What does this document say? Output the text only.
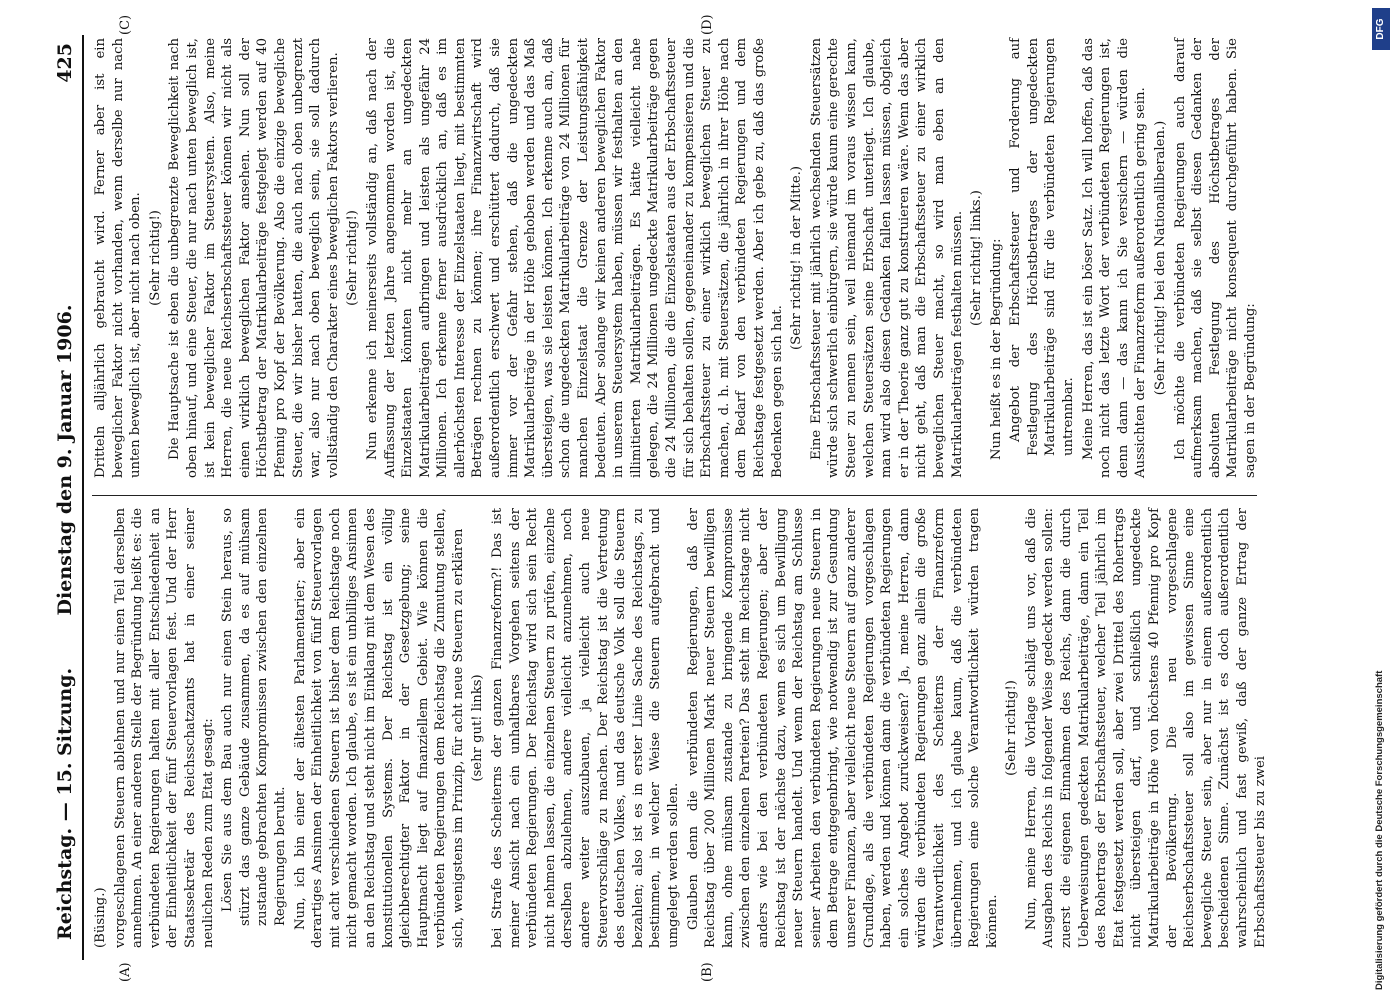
DFG
Digitalisierung gefördert durch die Deutsche Forschungsgemeinschaft
Reichstag. — 15. Sitzung.
Dienstag den 9. Januar 1906.
425
(A)	(B)
(C)	(D)

(Büsing.) vorgeschlagenen Steuern ablehnen und nur einen Teil derselben annehmen. An einer anderen Stelle der Begründung heißt es: die verbündeten Regierungen halten mit aller Entschiedenheit an der Einheitlichkeit der fünf Steuervorlagen fest. Und der Herr Staatssekretär des Reichsschatzamts hat in einer seiner neulichen Reden zum Etat gesagt: Lösen Sie aus dem Bau auch nur einen Stein heraus, so stürzt das ganze Gebäude zusammen, da es auf mühsam zustande gebrachten Kompromissen zwischen den einzelnen Regierungen beruht. Nun, ich bin einer der ältesten Parlamentarier; aber ein derartiges Ansinnen der Einheitlichkeit von fünf Steuervorlagen mit acht verschiedenen Steuern ist bisher dem Reichstage noch nicht gemacht worden. Ich glaube, es ist ein unbilliges Ansinnen an den Reichstag und steht nicht im Einklang mit dem Wesen des konstitutionellen Systems. Der Reichstag ist ein völlig gleichberechtigter Faktor in der Gesetzgebung; seine Hauptmacht liegt auf finanziellem Gebiet. Wie können die verbündeten Regierungen dem Reichstag die Zumutung stellen, sich, wenigstens im Prinzip, für acht neue Steuern zu erklären (sehr gut! links) bei Strafe des Scheiterns der ganzen Finanzreform?! Das ist meiner Ansicht nach ein unhaltbares Vorgehen seitens der verbündeten Regierungen. Der Reichstag wird sich sein Recht nicht nehmen lassen, die einzelnen Steuern zu prüfen, einzelne derselben abzulehnen, andere vielleicht anzunehmen, noch andere weiter auszubauen, ja vielleicht auch neue Steuervorschläge zu machen. Der Reichstag ist die Vertretung des deutschen Volkes, und das deutsche Volk soll die Steuern bezahlen; also ist es in erster Linie Sache des Reichstags, zu bestimmen, in welcher Weise die Steuern aufgebracht und umgelegt werden sollen. Glauben denn die verbündeten Regierungen, daß der Reichstag über 200 Millionen Mark neuer Steuern bewilligen kann, ohne mühsam zustande zu bringende Kompromisse zwischen den einzelnen Parteien? Das steht im Reichstage nicht anders wie bei den verbündeten Regierungen; aber der Reichstag ist der nächste dazu, wenn es sich um Bewilligung neuer Steuern handelt. Und wenn der Reichstag am Schlusse seiner Arbeiten den verbündeten Regierungen neue Steuern in dem Betrage entgegenbringt, wie notwendig ist zur Gesundung unserer Finanzen, aber vielleicht neue Steuern auf ganz anderer Grundlage, als die verbündeten Regierungen vorgeschlagen haben, werden und können dann die verbündeten Regierungen ein solches Angebot zurückweisen? Ja, meine Herren, dann würden die verbündeten Regierungen ganz allein die große Verantwortlichkeit des Scheiterns der Finanzreform übernehmen, und ich glaube kaum, daß die verbündeten Regierungen eine solche Verantwortlichkeit würden tragen können.

(Sehr richtig!) Nun, meine Herren, die Vorlage schlägt uns vor, daß die Ausgaben des Reichs in folgender Weise gedeckt werden sollen: zuerst die eigenen Einnahmen des Reichs, dann die durch Ueberweisungen gedeckten Matrikularbeiträge, dann ein Teil des Rohertrags der Erbschaftssteuer, welcher Teil jährlich im Etat festgesetzt werden soll, aber zwei Drittel des Rohertrags nicht übersteigen darf, und schließlich ungedeckte Matrikularbeiträge in Höhe von höchstens 40 Pfennig pro Kopf der Bevölkerung. Die neu vorgeschlagene Reichserbschaftssteuer soll also im gewissen Sinne eine bewegliche Steuer sein, aber nur in einem außerordentlich bescheidenen Sinne. Zunächst ist es doch außerordentlich wahrscheinlich und fast gewiß, daß der ganze Ertrag der Erbschaftssteuer bis zu zwei

Dritteln alljährlich gebraucht wird. Ferner aber ist ein beweglicher Faktor nicht vorhanden, wenn derselbe nur nach unten beweglich ist, aber nicht nach oben. (Sehr richtig!) Die Hauptsache ist eben die unbegrenzte Beweglichkeit nach oben hinauf, und eine Steuer, die nur nach unten beweglich ist, ist kein beweglicher Faktor im Steuersystem. Also, meine Herren, die neue Reichserbschaftssteuer können wir nicht als einen wirklich beweglichen Faktor ansehen. Nun soll der Höchstbetrag der Matrikularbeiträge festgelegt werden auf 40 Pfennig pro Kopf der Bevölkerung. Also die einzige bewegliche Steuer, die wir bisher hatten, die auch nach oben unbegrenzt war, also nur nach oben beweglich sein, sie soll dadurch vollständig den Charakter eines beweglichen Faktors verlieren. (Sehr richtig!) Nun erkenne ich meinerseits vollständig an, daß nach der Auffassung der letzten Jahre angenommen worden ist, die Einzelstaaten könnten nicht mehr an ungedeckten Matrikularbeiträgen aufbringen und leisten als ungefähr 24 Millionen. Ich erkenne ferner ausdrücklich an, daß es im allerhöchsten Interesse der Einzelstaaten liegt, mit bestimmten Beträgen rechnen zu können; ihre Finanzwirtschaft wird außerordentlich erschwert und erschüttert dadurch, daß sie immer vor der Gefahr stehen, daß die ungedeckten Matrikularbeiträge in der Höhe gehoben werden und das Maß übersteigen, was sie leisten können. Ich erkenne auch an, daß schon die ungedeckten Matrikularbeiträge von 24 Millionen für manchen Einzelstaat die Grenze der Leistungsfähigkeit bedeuten. Aber solange wir keinen anderen beweglichen Faktor in unserem Steuersystem haben, müssen wir festhalten an den illimitierten Matrikularbeiträgen. Es hätte vielleicht nahe gelegen, die 24 Millionen ungedeckte Matrikularbeiträge gegen die 24 Millionen, die die Einzelstaaten aus der Erbschaftssteuer für sich behalten sollen, gegeneinander zu kompensieren und die Erbschaftssteuer zu einer wirklich beweglichen Steuer zu machen, d. h. mit Steuersätzen, die jährlich in ihrer Höhe nach dem Bedarf von den verbündeten Regierungen und dem Reichstage festgesetzt werden. Aber ich gebe zu, daß das große Bedenken gegen sich hat.

(Sehr richtig! in der Mitte.) Eine Erbschaftssteuer mit jährlich wechselnden Steuersätzen würde sich schwerlich einbürgern, sie würde kaum eine gerechte Steuer zu nennen sein, weil niemand im voraus wissen kann, welchen Steuersätzen seine Erbschaft unterliegt. Ich glaube, man wird also diesen Gedanken fallen lassen müssen, obgleich er in der Theorie ganz gut zu konstruieren wäre. Wenn das aber nicht geht, daß man die Erbschaftssteuer zu einer wirklich beweglichen Steuer macht, so wird man eben an den Matrikularbeiträgen festhalten müssen. (Sehr richtig! links.) Nun heißt es in der Begründung: Angebot der Erbschaftssteuer und Forderung auf Festlegung des Höchstbetrages der ungedeckten Matrikularbeiträge sind für die verbündeten Regierungen untrennbar. Meine Herren, das ist ein böser Satz. Ich will hoffen, daß das noch nicht das letzte Wort der verbündeten Regierungen ist, denn dann — das kann ich Sie versichern — würden die Aussichten der Finanzreform außerordentlich gering sein. (Sehr richtig! bei den Nationalliberalen.) Ich möchte die verbündeten Regierungen auch darauf aufmerksam machen, daß sie selbst diesen Gedanken der absoluten Festlegung des Höchstbetrages der Matrikularbeiträge nicht konsequent durchgeführt haben. Sie sagen in der Begründung:
